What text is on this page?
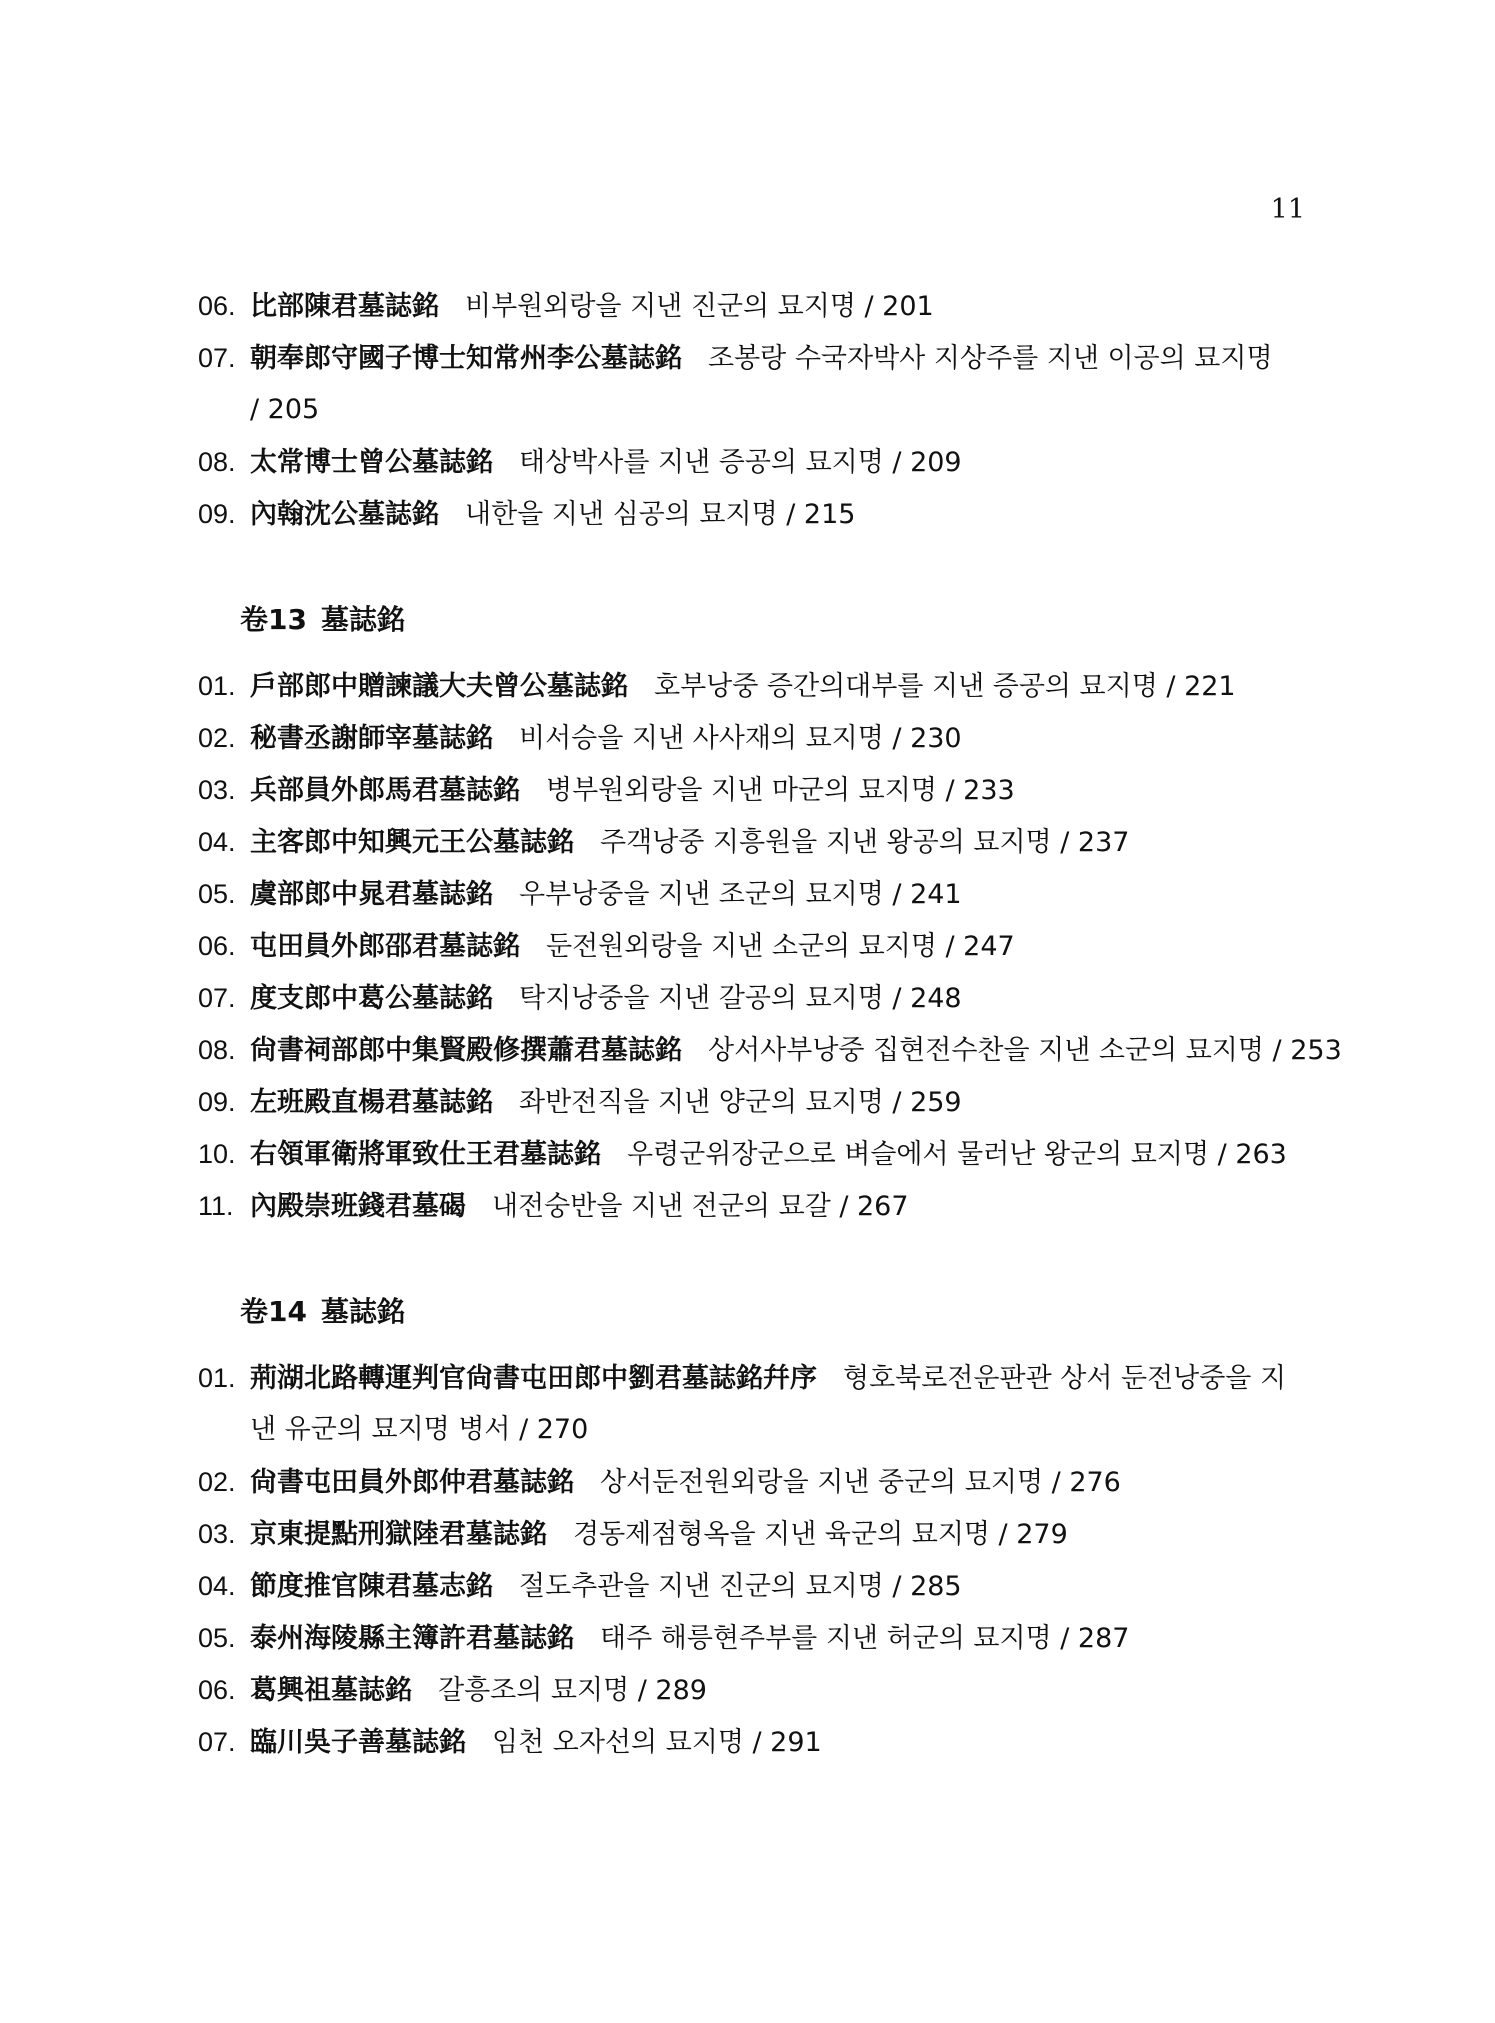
11
06. 比部陳君墓誌銘 비부원외랑을 지낸 진군의 묘지명 / 201
07. 朝奉郎守國子博士知常州李公墓誌銘 조봉랑 수국자박사 지상주를 지낸 이공의 묘지명
/ 205
08. 太常博士曾公墓誌銘 태상박사를 지낸 증공의 묘지명 / 209
09. 內翰沈公墓誌銘 내한을 지낸 심공의 묘지명 / 215
卷13 墓誌銘
01. 戶部郎中贈諫議大夫曾公墓誌銘 호부낭중 증간의대부를 지낸 증공의 묘지명 / 221
02. 秘書丞謝師宰墓誌銘 비서승을 지낸 사사재의 묘지명 / 230
03. 兵部員外郎馬君墓誌銘 병부원외랑을 지낸 마군의 묘지명 / 233
04. 主客郎中知興元王公墓誌銘 주객낭중 지흥원을 지낸 왕공의 묘지명 / 237
05. 虞部郎中晁君墓誌銘 우부낭중을 지낸 조군의 묘지명 / 241
06. 屯田員外郎邵君墓誌銘 둔전원외랑을 지낸 소군의 묘지명 / 247
07. 度支郎中葛公墓誌銘 탁지낭중을 지낸 갈공의 묘지명 / 248
08. 尙書祠部郎中集賢殿修撰蕭君墓誌銘 상서사부낭중 집현전수찬을 지낸 소군의 묘지명 / 253
09. 左班殿直楊君墓誌銘 좌반전직을 지낸 양군의 묘지명 / 259
10. 右領軍衛將軍致仕王君墓誌銘 우령군위장군으로 벼슬에서 물러난 왕군의 묘지명 / 263
11. 內殿崇班錢君墓碣 내전숭반을 지낸 전군의 묘갈 / 267
卷14 墓誌銘
01. 荊湖北路轉運判官尙書屯田郎中劉君墓誌銘幷序 형호북로전운판관 상서 둔전낭중을 지
낸 유군의 묘지명 병서 / 270
02. 尙書屯田員外郎仲君墓誌銘 상서둔전원외랑을 지낸 중군의 묘지명 / 276
03. 京東提點刑獄陸君墓誌銘 경동제점형옥을 지낸 육군의 묘지명 / 279
04. 節度推官陳君墓志銘 절도추관을 지낸 진군의 묘지명 / 285
05. 泰州海陵縣主簿許君墓誌銘 태주 해릉현주부를 지낸 허군의 묘지명 / 287
06. 葛興祖墓誌銘 갈흥조의 묘지명 / 289
07. 臨川吳子善墓誌銘 임천 오자선의 묘지명 / 291
